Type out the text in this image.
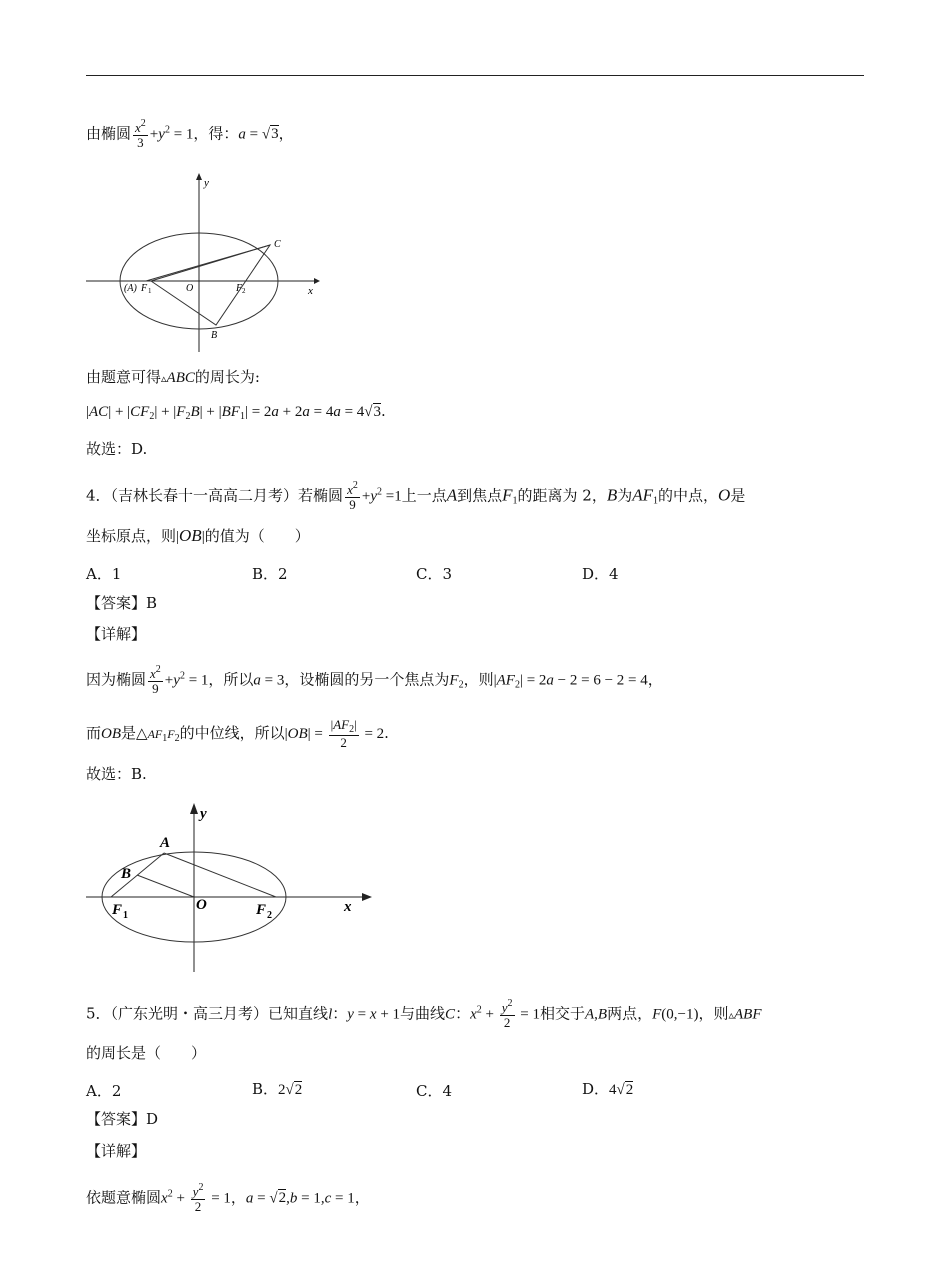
由椭圆 $\frac{x^2}{3} +y^2 = 1$，得：a = √3，
y
x
O
(A) F 1	F 2
C
B
由题意可得▵ABC的周长为:
$|AC| + |CF_2| + |F_2B| + |BF_1| = 2a + 2a = 4a = 4√3$.
故选：D.
4．（吉林长春十一高高二月考）若椭圆 $\frac{x^2}{9} +y^2 =1$上一点A到焦点$F_1$的距离为 2，B为$AF_1$的中点，O是
坐标原点，则|OB|的值为（　　）
A．1	B．2	C．3	D．4
【答案】B
【详解】
因为椭圆 $\frac{x^2}{9} +y^2 = 1$，所以a = 3，设椭圆的另一个焦点为$F_2$，则$|AF_2| = 2a - 2 = 6 - 2 = 4$，
而OB是$\triangle AF_1F_2$的中位线，所以$|OB| = \frac{|AF_2|}{2} = 2$.
故选：B.
y
x
O
A
B
F 1	F 2
5．（广东光明・高三月考）已知直线l：y = x + 1与曲线C：$x^2 + \frac{y^2}{2} = 1$相交于A,B两点，F(0,−1)，则▵ABF
的周长是（　　）
A．2	B．2√2	C．4	D．4√2
【答案】D
【详解】
依题意椭圆$x^2 + \frac{y^2}{2} = 1$，a = √2,b = 1,c = 1，
